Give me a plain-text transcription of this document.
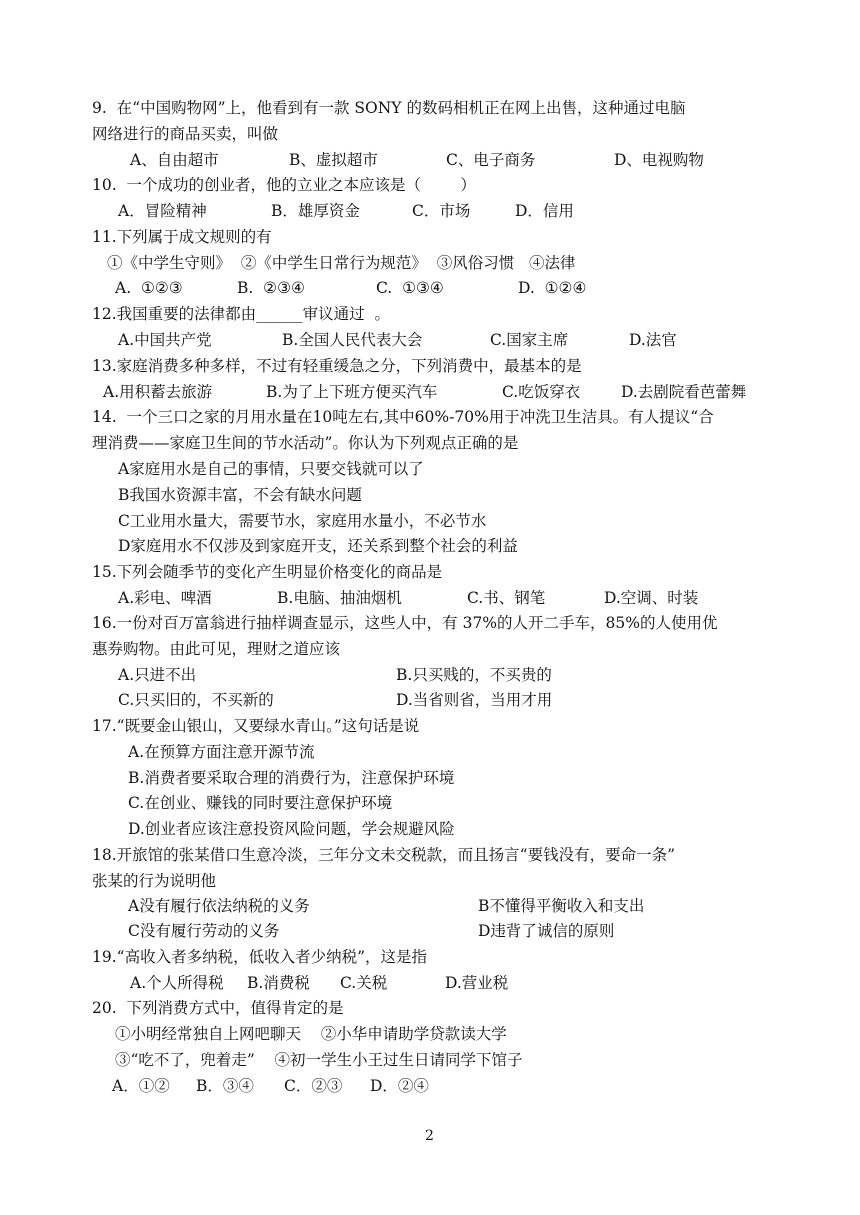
9.  在“中国购物网”上，他看到有一款 SONY 的数码相机正在网上出售，这种通过电脑
网络进行的商品买卖，叫做

A、自由超市

	B、虚拟超市

	C、电子商务

	D、电视购物

10.  一个成功的创业者，他的立业之本应该是（        ）

A．冒险精神

	B．雄厚资金

	C．市场

	D．信用

11.下列属于成文规则的有
①《中学生守则》  ②《中学生日常行为规范》  ③风俗习惯   ④法律

A.  ①②③

	B.  ②③④

	C.  ①③④

	D.  ①②④

12.我国重要的法律都由______审议通过  。

A.中国共产党

	B.全国人民代表大会

	C.国家主席

	D.法官

13.家庭消费多种多样，不过有轻重缓急之分，下列消费中，最基本的是

A.用积蓄去旅游

	B.为了上下班方便买汽车

	C.吃饭穿衣

	D.去剧院看芭蕾舞

14.  一个三口之家的月用水量在10吨左右,其中60%-70%用于冲洗卫生洁具。有人提议“合
理消费——家庭卫生间的节水活动”。你认为下列观点正确的是
A家庭用水是自己的事情，只要交钱就可以了
B我国水资源丰富，不会有缺水问题
C工业用水量大，需要节水，家庭用水量小，不必节水
D家庭用水不仅涉及到家庭开支，还关系到整个社会的利益
15.下列会随季节的变化产生明显价格变化的商品是

A.彩电、啤酒

	B.电脑、抽油烟机

	C.书、钢笔

	D.空调、时装

16.一份对百万富翁进行抽样调查显示，这些人中，有 37%的人开二手车，85%的人使用优
惠券购物。由此可见，理财之道应该

A.只进不出

	B.只买贱的，不买贵的

C.只买旧的，不买新的

	D.当省则省，当用才用

17.“既要金山银山，又要绿水青山。”这句话是说
A.在预算方面注意开源节流
B.消费者要采取合理的消费行为，注意保护环境
C.在创业、赚钱的同时要注意保护环境
D.创业者应该注意投资风险问题，学会规避风险
18.开旅馆的张某借口生意冷淡，三年分文未交税款，而且扬言“要钱没有，要命一条”
张某的行为说明他

A没有履行依法纳税的义务

	B不懂得平衡收入和支出

C没有履行劳动的义务

	D违背了诚信的原则

19.“高收入者多纳税，低收入者少纳税”，这是指

A.个人所得税

B.消费税

C.关税

	D.营业税

20.  下列消费方式中，值得肯定的是
①小明经常独自上网吧聊天    ②小华申请助学贷款读大学
③“吃不了，兜着走”    ④初一学生小王过生日请同学下馆子

A．①②

B．③④

C．②③

D．②④

2
